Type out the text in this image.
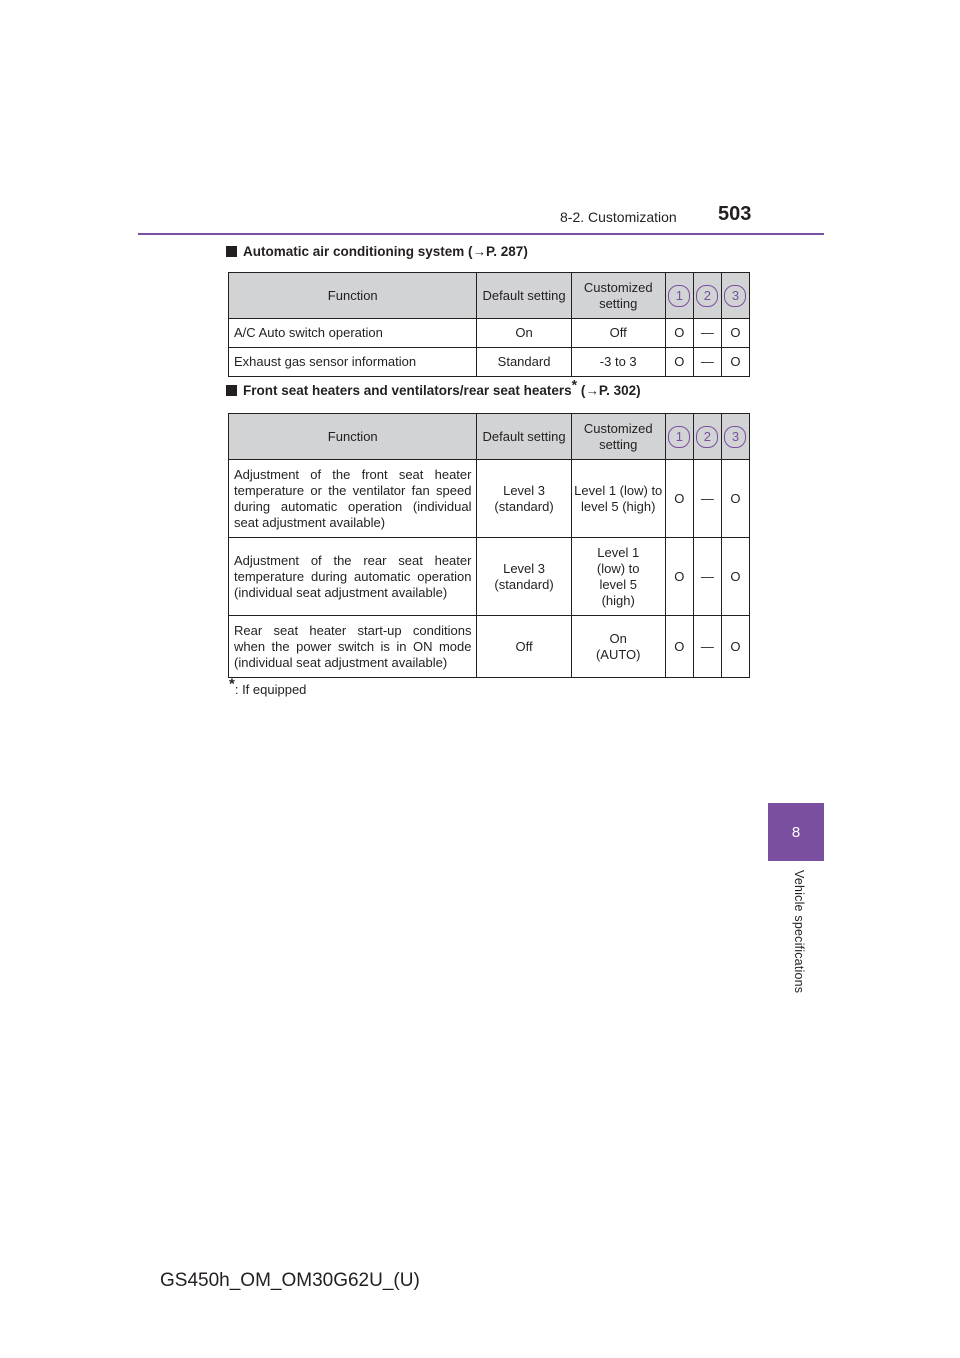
8-2. Customization 503
8
Vehicle specifications
Automatic air conditioning system (→P. 287)
Function	Default setting	Customized setting	1	2	3
A/C Auto switch operation	On	Off	O	—	O
Exhaust gas sensor information	Standard	-3 to 3	O	—	O
Front seat heaters and ventilators/rear seat heaters* (→P. 302)
Function	Default setting	Customized setting	1	2	3
Adjustment of the front seat heater temperature or the ventilator fan speed during automatic operation (individual seat adjustment available)	Level 3 (standard)	Level 1 (low) to level 5 (high)	O	—	O
Adjustment of the rear seat heater temperature during automatic operation (individual seat adjustment available)	Level 3 (standard)	Level 1 (low) to level 5 (high)	O	—	O
Rear seat heater start-up conditions when the power switch is in ON mode (individual seat adjustment available)	Off	On (AUTO)	O	—	O
*: If equipped
GS450h_OM_OM30G62U_(U)
